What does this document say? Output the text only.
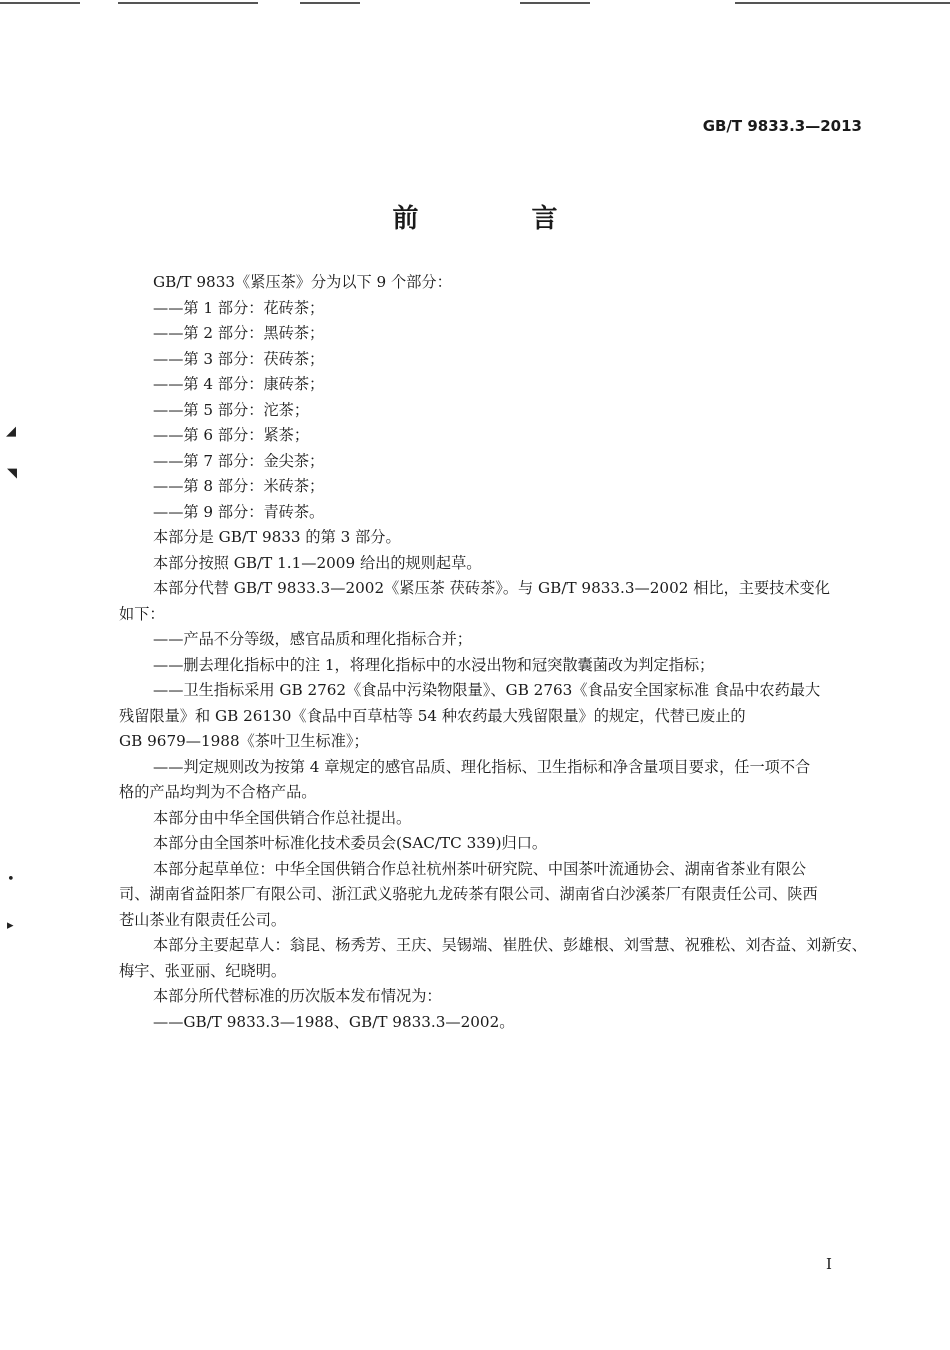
GB/T 9833.3—2013
前 言
GB/T 9833《紧压茶》分为以下 9 个部分：
——第 1 部分：花砖茶；
——第 2 部分：黑砖茶；
——第 3 部分：茯砖茶；
——第 4 部分：康砖茶；
——第 5 部分：沱茶；
——第 6 部分：紧茶；
——第 7 部分：金尖茶；
——第 8 部分：米砖茶；
——第 9 部分：青砖茶。
本部分是 GB/T 9833 的第 3 部分。
本部分按照 GB/T 1.1—2009 给出的规则起草。
本部分代替 GB/T 9833.3—2002《紧压茶 茯砖茶》。与 GB/T 9833.3—2002 相比，主要技术变化
如下：
——产品不分等级，感官品质和理化指标合并；
——删去理化指标中的注 1，将理化指标中的水浸出物和冠突散囊菌改为判定指标；
——卫生指标采用 GB 2762《食品中污染物限量》、GB 2763《食品安全国家标准 食品中农药最大
残留限量》和 GB 26130《食品中百草枯等 54 种农药最大残留限量》的规定，代替已废止的
GB 9679—1988《茶叶卫生标准》；
——判定规则改为按第 4 章规定的感官品质、理化指标、卫生指标和净含量项目要求，任一项不合
格的产品均判为不合格产品。
本部分由中华全国供销合作总社提出。
本部分由全国茶叶标准化技术委员会(SAC/TC 339)归口。
本部分起草单位：中华全国供销合作总社杭州茶叶研究院、中国茶叶流通协会、湖南省茶业有限公
司、湖南省益阳茶厂有限公司、浙江武义骆驼九龙砖茶有限公司、湖南省白沙溪茶厂有限责任公司、陕西
苍山茶业有限责任公司。
本部分主要起草人：翁昆、杨秀芳、王庆、吴锡端、崔胜伏、彭雄根、刘雪慧、祝雅松、刘杏益、刘新安、
梅宇、张亚丽、纪晓明。
本部分所代替标准的历次版本发布情况为：
——GB/T 9833.3—1988、GB/T 9833.3—2002。
◢
◥
•
▸
I
